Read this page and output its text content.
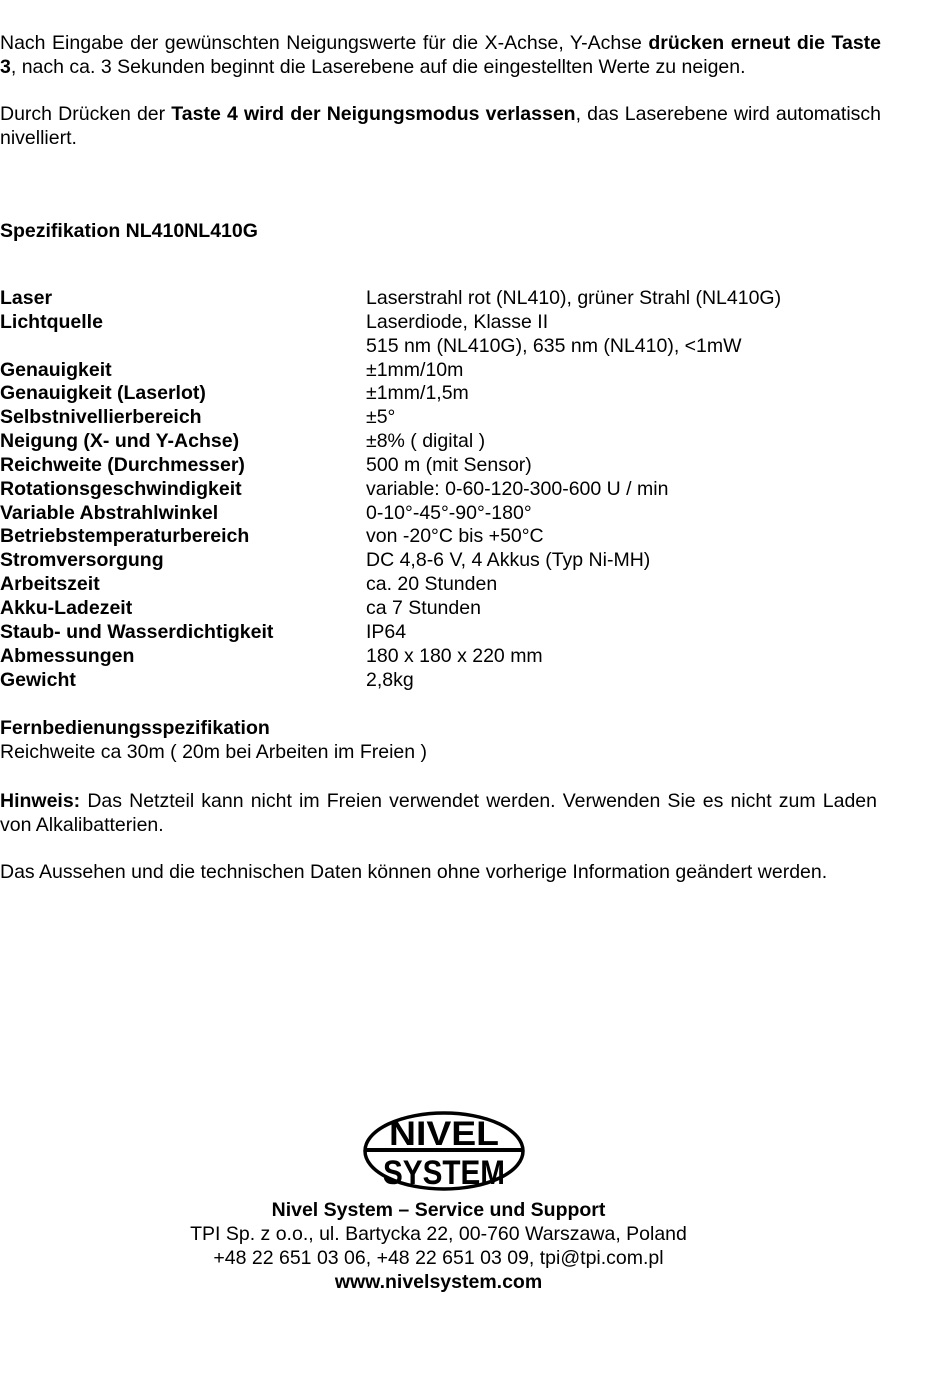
Nach Eingabe der gewünschten Neigungswerte für die X-Achse, Y-Achse drücken erneut die Taste 3, nach ca. 3 Sekunden beginnt die Laserebene auf die eingestellten Werte zu neigen.

Durch Drücken der Taste 4 wird der Neigungsmodus verlassen, das Laserebene wird automatisch nivelliert.

Spezifikation NL410NL410G
Laser	Laserstrahl rot (NL410), grüner Strahl (NL410G)
Lichtquelle	Laserdiode, Klasse II
515 nm (NL410G), 635 nm (NL410), <1mW
Genauigkeit	±1mm/10m
Genauigkeit (Laserlot)	±1mm/1,5m
Selbstnivellierbereich	±5°
Neigung (X- und Y-Achse)	±8% ( digital )
Reichweite (Durchmesser)	500 m (mit Sensor)
Rotationsgeschwindigkeit	variable: 0-60-120-300-600 U / min
Variable Abstrahlwinkel	0-10°-45°-90°-180°
Betriebstemperaturbereich	von -20°C bis +50°C
Stromversorgung	DC 4,8-6 V, 4 Akkus (Typ Ni-MH)
Arbeitszeit	ca. 20 Stunden
Akku-Ladezeit	ca 7 Stunden
Staub- und Wasserdichtigkeit	IP64
Abmessungen	180 x 180 x 220 mm
Gewicht	2,8kg
Fernbedienungsspezifikation
Reichweite ca 30m ( 20m bei Arbeiten im Freien )

Hinweis: Das Netzteil kann nicht im Freien verwendet werden. Verwenden Sie es nicht zum Laden von Alkalibatterien.

Das Aussehen und die technischen Daten können ohne vorherige Information geändert werden.

NIVEL
SYSTEM
Nivel System – Service und Support
TPI Sp. z o.o., ul. Bartycka 22, 00-760 Warszawa, Poland
+48 22 651 03 06, +48 22 651 03 09, tpi@tpi.com.pl
www.nivelsystem.com
